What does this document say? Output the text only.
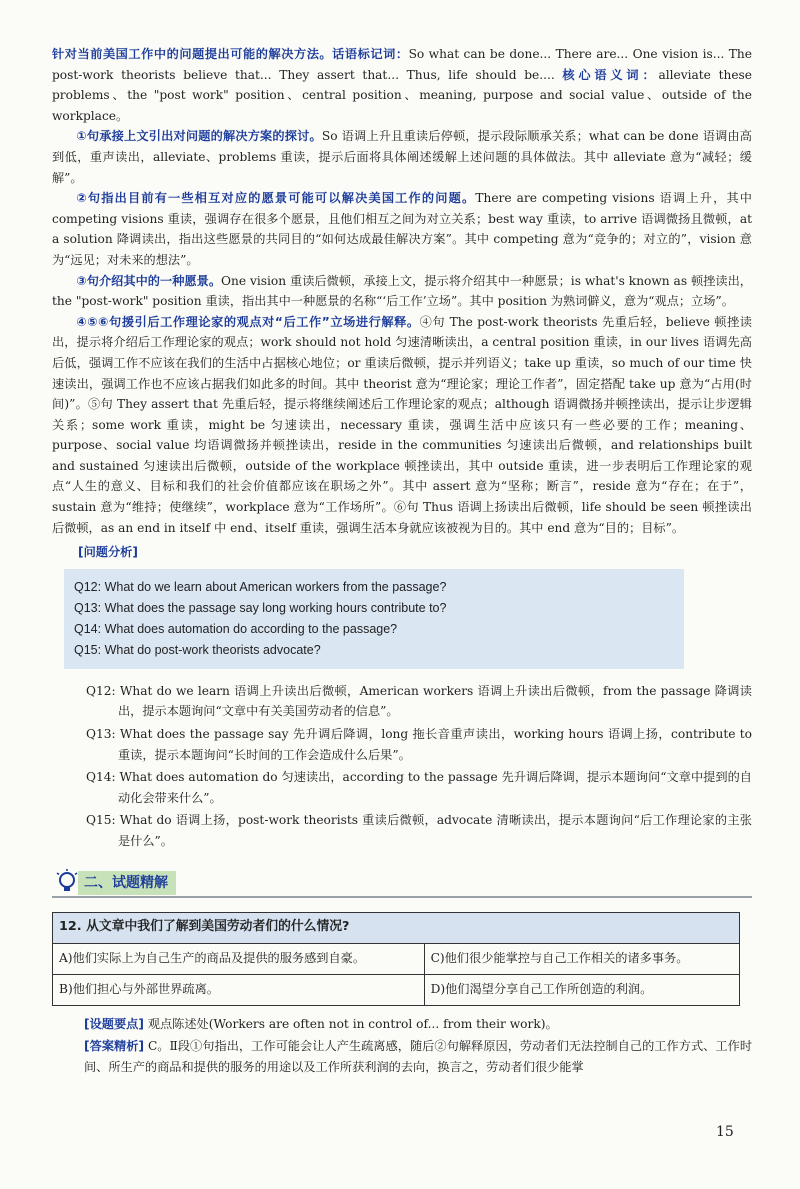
针对当前美国工作中的问题提出可能的解决方法。话语标记词：So what can be done... There are... One vision is... The post-work theorists believe that... They assert that... Thus, life should be.... 核心语义词：alleviate these problems、the "post work" position、central position、meaning, purpose and social value、outside of the workplace。

①句承接上文引出对问题的解决方案的探讨。So 语调上升且重读后停顿，提示段际顺承关系；what can be done 语调由高到低，重声读出，alleviate、problems 重读，提示后面将具体阐述缓解上述问题的具体做法。其中 alleviate 意为“减轻；缓解”。

②句指出目前有一些相互对应的愿景可能可以解决美国工作的问题。There are competing visions 语调上升，其中 competing visions 重读，强调存在很多个愿景，且他们相互之间为对立关系；best way 重读，to arrive 语调微扬且微顿，at a solution 降调读出，指出这些愿景的共同目的“如何达成最佳解决方案”。其中 competing 意为“竞争的；对立的”，vision 意为“远见；对未来的想法”。

③句介绍其中的一种愿景。One vision 重读后微顿，承接上文，提示将介绍其中一种愿景；is what's known as 顿挫读出，the "post-work" position 重读，指出其中一种愿景的名称“‘后工作’立场”。其中 position 为熟词僻义，意为“观点；立场”。

④⑤⑥句援引后工作理论家的观点对“后工作”立场进行解释。④句 The post-work theorists 先重后轻，believe 顿挫读出，提示将介绍后工作理论家的观点；work should not hold 匀速清晰读出，a central position 重读，in our lives 语调先高后低，强调工作不应该在我们的生活中占据核心地位；or 重读后微顿，提示并列语义；take up 重读，so much of our time 快速读出，强调工作也不应该占据我们如此多的时间。其中 theorist 意为“理论家；理论工作者”，固定搭配 take up 意为“占用(时间)”。⑤句 They assert that 先重后轻，提示将继续阐述后工作理论家的观点；although 语调微扬并顿挫读出，提示让步逻辑关系；some work 重读，might be 匀速读出，necessary 重读，强调生活中应该只有一些必要的工作；meaning、purpose、social value 均语调微扬并顿挫读出，reside in the communities 匀速读出后微顿，and relationships built and sustained 匀速读出后微顿，outside of the workplace 顿挫读出，其中 outside 重读，进一步表明后工作理论家的观点“人生的意义、目标和我们的社会价值都应该在职场之外”。其中 assert 意为“坚称；断言”，reside 意为“存在；在于”，sustain 意为“维持；使继续”，workplace 意为“工作场所”。⑥句 Thus 语调上扬读出后微顿，life should be seen 顿挫读出后微顿，as an end in itself 中 end、itself 重读，强调生活本身就应该被视为目的。其中 end 意为“目的；目标”。

[问题分析]

Q12: What do we learn about American workers from the passage?

Q13: What does the passage say long working hours contribute to?

Q14: What does automation do according to the passage?

Q15: What do post-work theorists advocate?

Q12: What do we learn 语调上升读出后微顿，American workers 语调上升读出后微顿，from the passage 降调读出，提示本题询问“文章中有关美国劳动者的信息”。

Q13: What does the passage say 先升调后降调，long 拖长音重声读出，working hours 语调上扬，contribute to 重读，提示本题询问“长时间的工作会造成什么后果”。

Q14: What does automation do 匀速读出，according to the passage 先升调后降调，提示本题询问“文章中提到的自动化会带来什么”。

Q15: What do 语调上扬，post-work theorists 重读后微顿，advocate 清晰读出，提示本题询问“后工作理论家的主张是什么”。

二、试题精解
12. 从文章中我们了解到美国劳动者们的什么情况?	
A)他们实际上为自己生产的商品及提供的服务感到自豪。	C)他们很少能掌控与自己工作相关的诸多事务。
B)他们担心与外部世界疏离。	D)他们渴望分享自己工作所创造的利润。

[设题要点] 观点陈述处(Workers are often not in control of... from their work)。

[答案精析] C。Ⅱ段①句指出，工作可能会让人产生疏离感，随后②句解释原因，劳动者们无法控制自己的工作方式、工作时间、所生产的商品和提供的服务的用途以及工作所获利润的去向，换言之，劳动者们很少能掌

15
